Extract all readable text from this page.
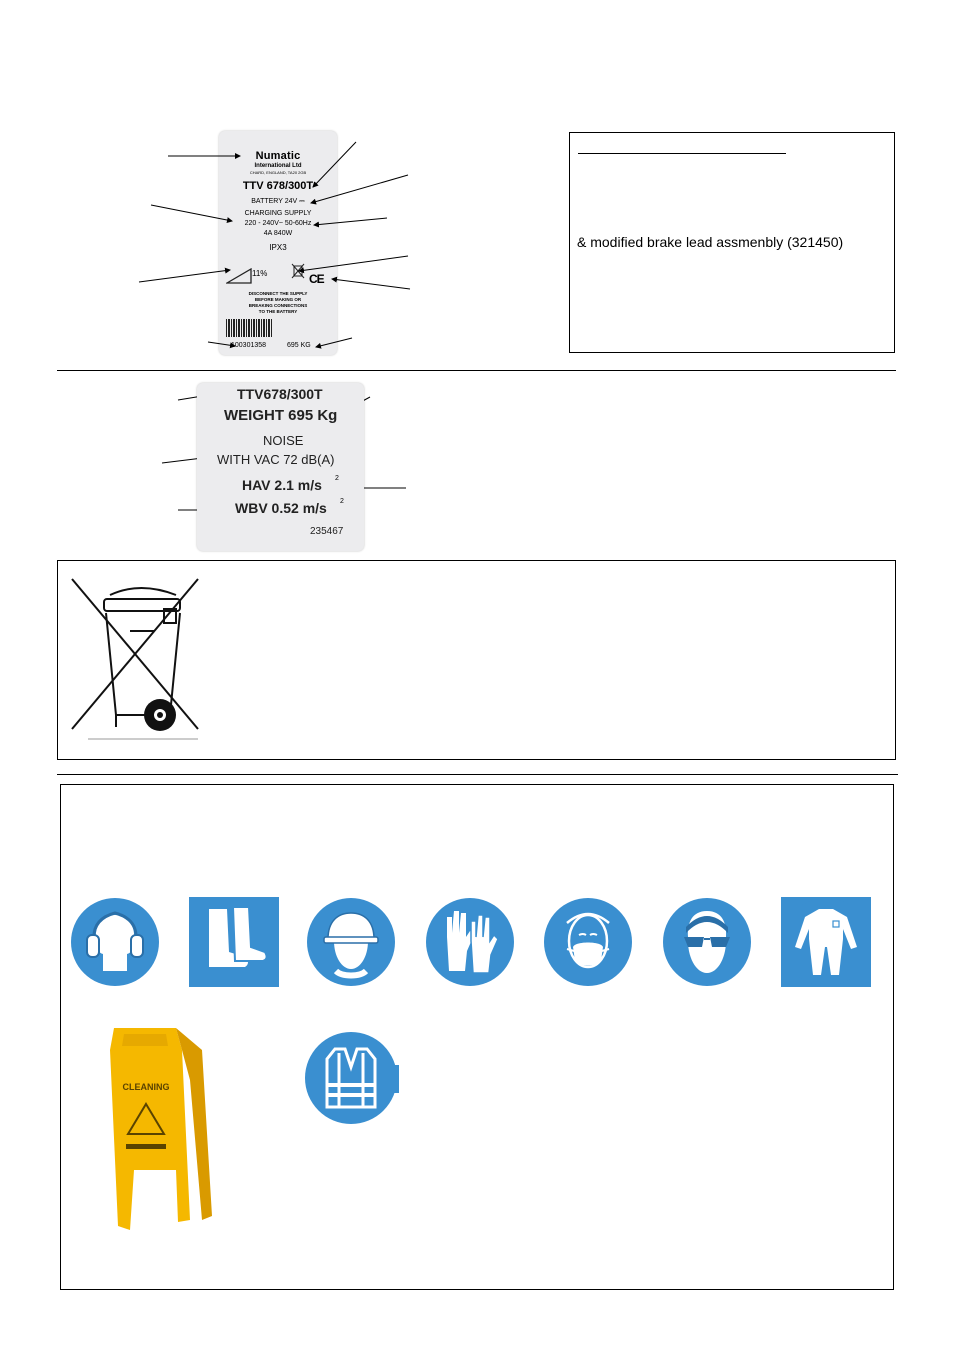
Numatic
International Ltd
CHARD, ENGLAND, TA20 2GB
TTV 678/300T
BATTERY 24V ⎓
CHARGING SUPPLY
220 - 240V~ 50-60Hz
4A 840W
IPX3
11%	CE
DISCONNECT THE SUPPLY
BEFORE MAKING OR
BREAKING CONNECTIONS
TO THE BATTERY
100301358	695 KG
& modified brake lead assmenbly (321450)
TTV678/300T
WEIGHT 695 Kg
NOISE
WITH VAC 72 dB(A)
HAV 2.1 m/s 2
WBV 0.52 m/s 2
235467
CLEANING
